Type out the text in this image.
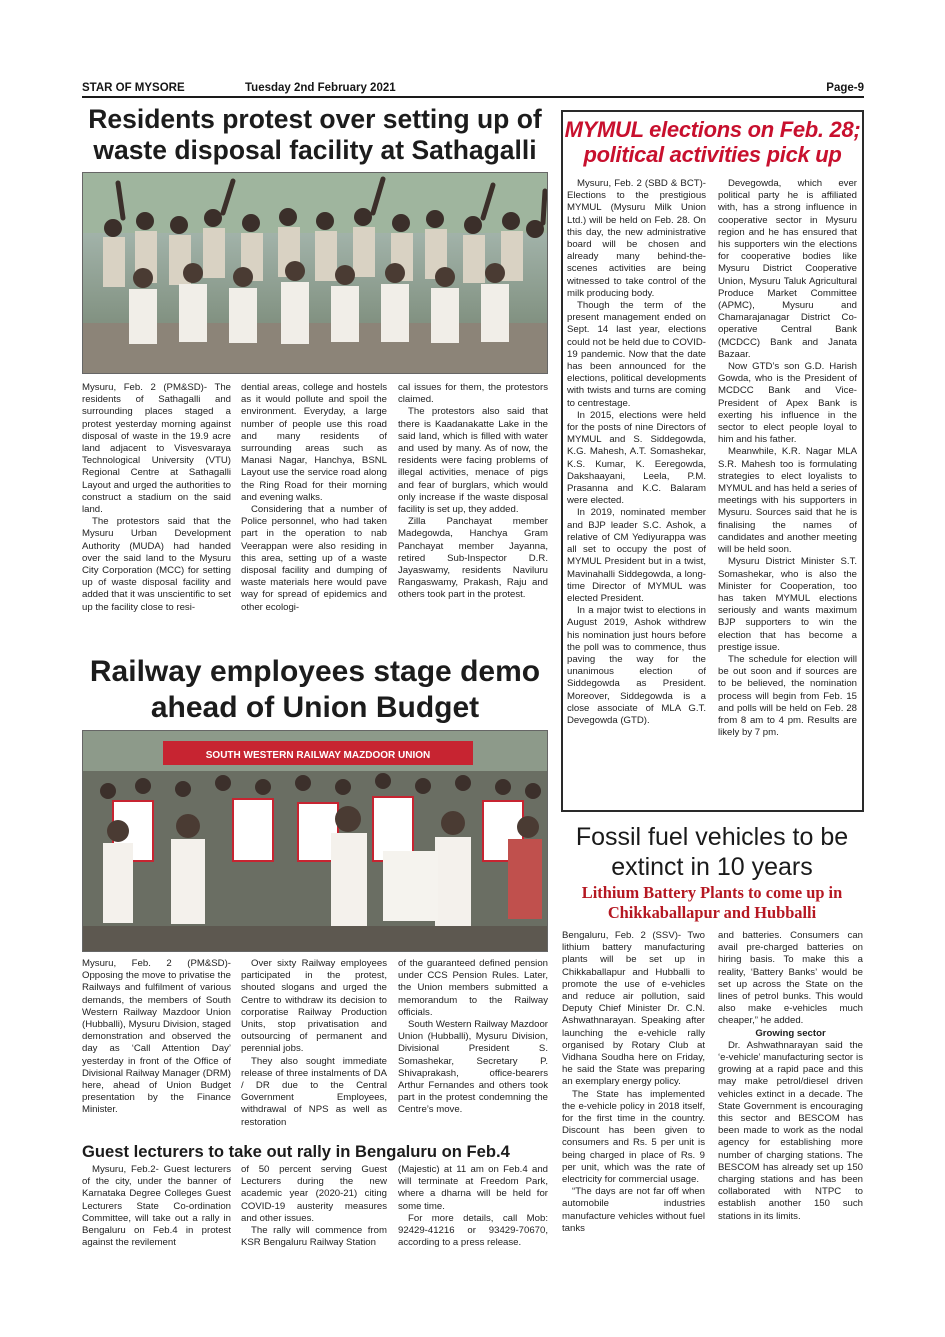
STAR OF MYSORE	Tuesday 2nd February 2021	Page-9
Residents protest over setting up of
waste disposal facility at Sathagalli

Mysuru, Feb. 2 (PM&SD)- The residents of Sathagalli and surrounding places staged a protest yesterday morning against disposal of waste in the 19.9 acre land adjacent to Visvesvaraya Technological University (VTU) Regional Centre at Sathagalli Layout and urged the authorities to construct a stadium on the said land.

The protestors said that the Mysuru Urban Development Authority (MUDA) had handed over the said land to the Mysuru City Corporation (MCC) for setting up of waste disposal facility and added that it was unscientific to set up the facility close to resi-

dential areas, college and hostels as it would pollute and spoil the environment. Everyday, a large number of people use this road and many residents of surrounding areas such as Manasi Nagar, Hanchya, BSNL Layout use the service road along the Ring Road for their morning and evening walks.

Considering that a number of Police personnel, who had taken part in the operation to nab Veerappan were also residing in this area, setting up of a waste disposal facility and dumping of waste materials here would pave way for spread of epidemics and other ecologi-

cal issues for them, the protestors claimed.

The protestors also said that there is Kaadanakatte Lake in the said land, which is filled with water and used by many. As of now, the residents were facing problems of illegal activities, menace of pigs and fear of burglars, which would only increase if the waste disposal facility is set up, they added.

Zilla Panchayat member Madegowda, Hanchya Gram Panchayat member Jayanna, retired Sub-Inspector D.R. Jayaswamy, residents Naviluru Rangaswamy, Prakash, Raju and others took part in the protest.

Railway employees stage demo
ahead of Union Budget
SOUTH WESTERN RAILWAY MAZDOOR UNION

Mysuru, Feb. 2 (PM&SD)- Opposing the move to privatise the Railways and fulfilment of various demands, the members of South Western Railway Mazdoor Union (Hubballi), Mysuru Division, staged demonstration and observed the day as ‘Call Attention Day’ yesterday in front of the Office of Divisional Railway Manager (DRM) here, ahead of Union Budget presentation by the Finance Minister.

Over sixty Railway employees participated in the protest, shouted slogans and urged the Centre to withdraw its decision to corporatise Railway Production Units, stop privatisation and outsourcing of permanent and perennial jobs.

They also sought immediate release of three instalments of DA / DR due to the Central Government Employees, withdrawal of NPS as well as restoration

of the guaranteed defined pension under CCS Pension Rules. Later, the Union members submitted a memorandum to the Railway officials.

South Western Railway Mazdoor Union (Hubballi), Mysuru Division, Divisional President S. Somashekar, Secretary P. Shivaprakash, office-bearers Arthur Fernandes and others took part in the protest condemning the Centre’s move.

Guest lecturers to take out rally in Bengaluru on Feb.4

Mysuru, Feb.2- Guest lecturers of the city, under the banner of Karnataka Degree Colleges Guest Lecturers State Co-ordination Committee, will take out a rally in Bengaluru on Feb.4 in protest against the revilement

of 50 percent serving Guest Lecturers during the new academic year (2020-21) citing COVID-19 austerity measures and other issues.

The rally will commence from KSR Bengaluru Railway Station

(Majestic) at 11 am on Feb.4 and will terminate at Freedom Park, where a dharna will be held for some time.

For more details, call Mob: 92429-41216 or 93429-70670, according to a press release.

MYMUL elections on Feb. 28;
political activities pick up

Mysuru, Feb. 2 (SBD & BCT)- Elections to the prestigious MYMUL (Mysuru Milk Union Ltd.) will be held on Feb. 28. On this day, the new administrative board will be chosen and already many behind-the-scenes activities are being witnessed to take control of the milk producing body.

Though the term of the present management ended on Sept. 14 last year, elections could not be held due to COVID-19 pandemic. Now that the date has been announced for the elections, political developments with twists and turns are coming to centrestage.

In 2015, elections were held for the posts of nine Directors of MYMUL and S. Siddegowda, K.G. Mahesh, A.T. Somashekar, K.S. Kumar, K. Eeregowda, Dakshaayani, Leela, P.M. Prasanna and K.C. Balaram were elected.

In 2019, nominated member and BJP leader S.C. Ashok, a relative of CM Yediyurappa was all set to occupy the post of MYMUL President but in a twist, Mavinahalli Siddegowda, a long-time Director of MYMUL was elected President.

In a major twist to elections in August 2019, Ashok withdrew his nomination just hours before the poll was to commence, thus paving the way for the unanimous election of Siddegowda as President. Moreover, Siddegowda is a close associate of MLA G.T. Devegowda (GTD).

Devegowda, which ever political party he is affiliated with, has a strong influence in cooperative sector in Mysuru region and he has ensured that his supporters win the elections for cooperative bodies like Mysuru District Cooperative Union, Mysuru Taluk Agricultural Produce Market Committee (APMC), Mysuru and Chamarajanagar District Co-operative Central Bank (MCDCC) Bank and Janata Bazaar.

Now GTD’s son G.D. Harish Gowda, who is the President of MCDCC Bank and Vice-President of Apex Bank is exerting his influence in the sector to elect people loyal to him and his father.

Meanwhile, K.R. Nagar MLA S.R. Mahesh too is formulating strategies to elect loyalists to MYMUL and has held a series of meetings with his supporters in Mysuru. Sources said that he is finalising the names of candidates and another meeting will be held soon.

Mysuru District Minister S.T. Somashekar, who is also the Minister for Cooperation, too has taken MYMUL elections seriously and wants maximum BJP supporters to win the election that has become a prestige issue.

The schedule for election will be out soon and if sources are to be believed, the nomination process will begin from Feb. 15 and polls will be held on Feb. 28 from 8 am to 4 pm. Results are likely by 7 pm.

Fossil fuel vehicles to be
extinct in 10 years
Lithium Battery Plants to come up in
Chikkaballapur and Hubballi

Bengaluru, Feb. 2 (SSV)- Two lithium battery manufacturing plants will be set up in Chikkaballapur and Hubballi to promote the use of e-vehicles and reduce air pollution, said Deputy Chief Minister Dr. C.N. Ashwathnarayan. Speaking after launching the e-vehicle rally organised by Rotary Club at Vidhana Soudha here on Friday, he said the State was preparing an exemplary energy policy.

The State has implemented the e-vehicle policy in 2018 itself, for the first time in the country. Discount has been given to consumers and Rs. 5 per unit is being charged in place of Rs. 9 per unit, which was the rate of electricity for commercial usage.

“The days are not far off when automobile industries manufacture vehicles without fuel tanks

and batteries. Consumers can avail pre-charged batteries on hiring basis. To make this a reality, ‘Battery Banks’ would be set up across the State on the lines of petrol bunks. This would also make e-vehicles much cheaper,” he added.

Growing sector

Dr. Ashwathnarayan said the ‘e-vehicle’ manufacturing sector is growing at a rapid pace and this may make petrol/diesel driven vehicles extinct in a decade. The State Government is encouraging this sector and BESCOM has been made to work as the nodal agency for establishing more number of charging stations. The BESCOM has already set up 150 charging stations and has been collaborated with NTPC to establish another 150 such stations in its limits.
